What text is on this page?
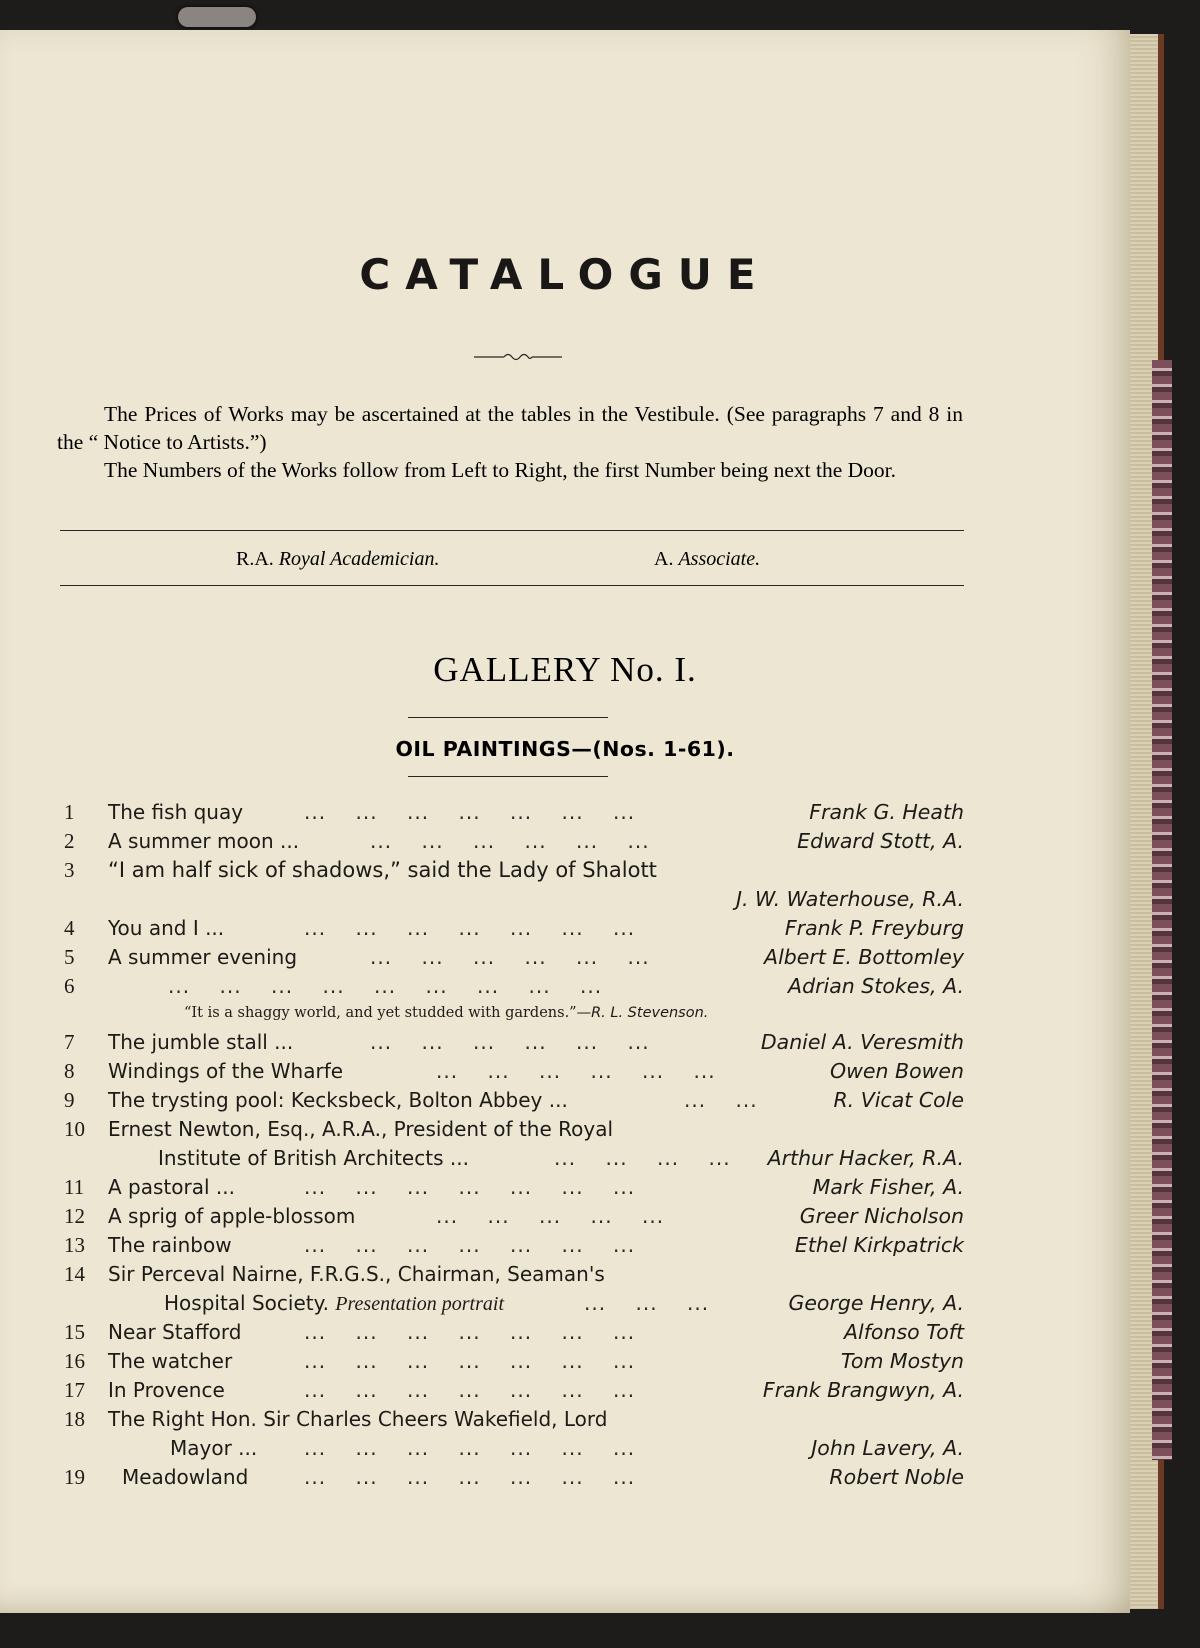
CATALOGUE

The Prices of Works may be ascertained at the tables in the Vestibule. (See paragraphs 7 and 8 in the “ Notice to Artists.”)

The Numbers of the Works follow from Left to Right, the first Number being next the Door.

R.A. Royal Academician.	A. Associate.
GALLERY No. I.
OIL PAINTINGS—(Nos. 1-61).
1	The fish quay	...    ...    ...    ...    ...    ...    ...	Frank G. Heath
2	A summer moon ...	...    ...    ...    ...    ...    ...	Edward Stott, A.
3	“I am half sick of shadows,” said the Lady of Shalott
J. W. Waterhouse, R.A.
4	You and I ...	...    ...    ...    ...    ...    ...    ...	Frank P. Freyburg
5	A summer evening	...    ...    ...    ...    ...    ...	Albert E. Bottomley
6	...    ...    ...    ...    ...    ...    ...    ...    ...	Adrian Stokes, A.
“It is a shaggy world, and yet studded with gardens.”—R. L. Stevenson.
7	The jumble stall ...	...    ...    ...    ...    ...    ...	Daniel A. Veresmith
8	Windings of the Wharfe	...    ...    ...    ...    ...    ...	Owen Bowen
9	The trysting pool: Kecksbeck, Bolton Abbey ...	...    ...	R. Vicat Cole
10	Ernest Newton, Esq., A.R.A., President of the Royal
Institute of British Architects ...	...    ...    ...    ... Arthur Hacker, R.A.
11	A pastoral ...	...    ...    ...    ...    ...    ...    ...	Mark Fisher, A.
12	A sprig of apple-blossom	...    ...    ...    ...    ...	Greer Nicholson
13	The rainbow	...    ...    ...    ...    ...    ...    ...	Ethel Kirkpatrick
14	Sir Perceval Nairne, F.R.G.S., Chairman, Seaman's
Hospital Society. Presentation portrait	...    ...    ...	George Henry, A.
15	Near Stafford	...    ...    ...    ...    ...    ...    ...	Alfonso Toft
16	The watcher	...    ...    ...    ...    ...    ...    ...	Tom Mostyn
17	In Provence	...    ...    ...    ...    ...    ...    ...	Frank Brangwyn, A.
18	The Right Hon. Sir Charles Cheers Wakefield, Lord
Mayor ... ...    ...    ...    ...    ...    ...    ...	John Lavery, A.
19	Meadowland	...    ...    ...    ...    ...    ...    ...	Robert Noble
